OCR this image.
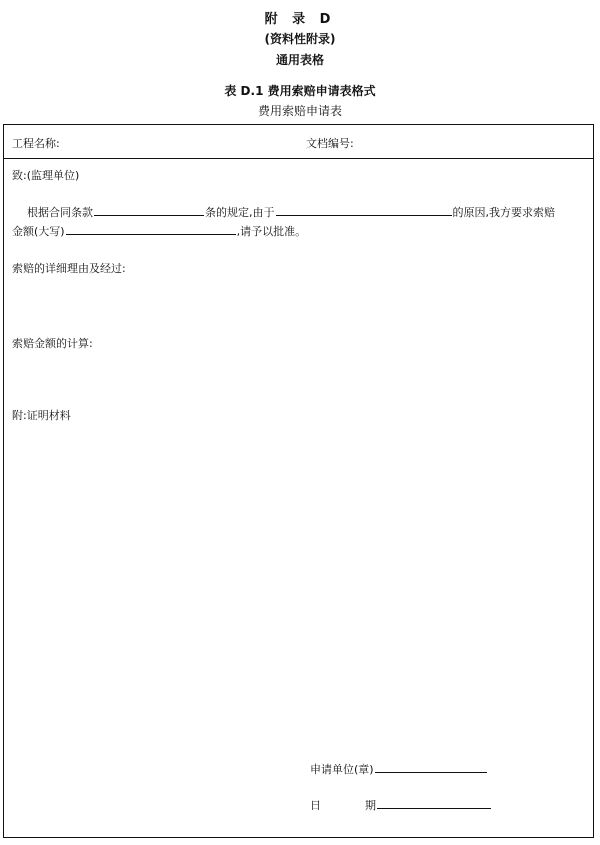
附 录 D
(资料性附录)
通用表格
表 D.1 费用索赔申请表格式
费用索赔申请表
工程名称:	文档编号:
致:(监理单位)
根据合同条款	条的规定,由于	的原因,我方要求索赔
金额(大写)	,请予以批准。
索赔的详细理由及经过:
索赔金额的计算:
附:证明材料
申请单位(章)
日	期
